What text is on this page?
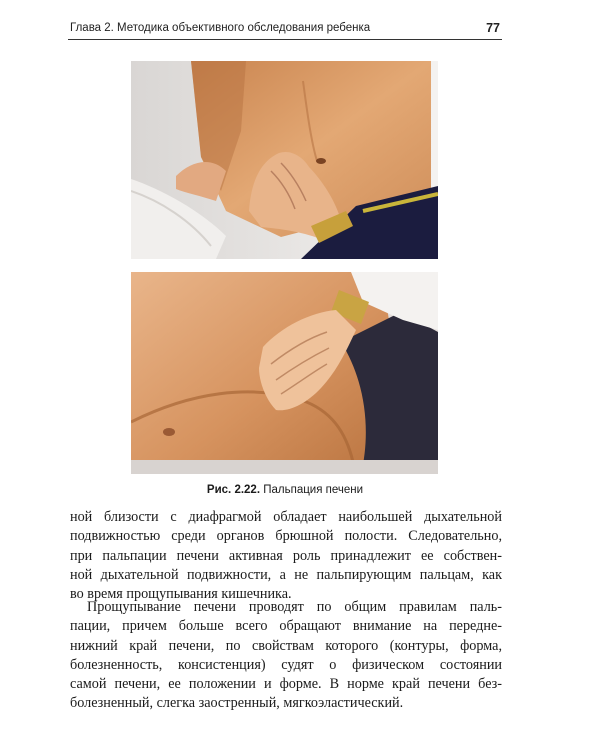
Глава 2. Методика объективного обследования ребенка	77
Рис. 2.22. Пальпация печени
ной близости с диафрагмой обладает наибольшей дыхательной
подвижностью среди органов брюшной полости. Следовательно,
при пальпации печени активная роль принадлежит ее собствен-
ной дыхательной подвижности, а не пальпирующим пальцам, как
во время прощупывания кишечника.
Прощупывание печени проводят по общим правилам паль-
пации, причем больше всего обращают внимание на передне-
нижний край печени, по свойствам которого (контуры, форма,
болезненность, консистенция) судят о физическом состоянии
самой печени, ее положении и форме. В норме край печени без-
болезненный, слегка заостренный, мягкоэластический.
